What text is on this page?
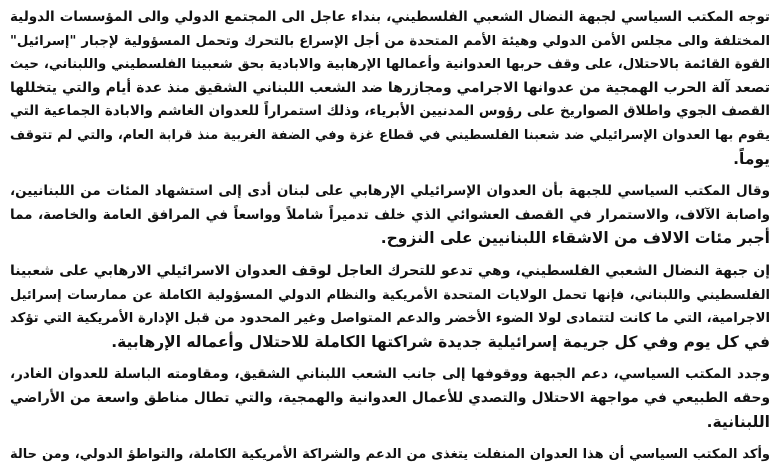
توجه المكتب السياسي لجبهة النضال الشعبي الفلسطيني، بنداء عاجل الى المجتمع الدولي والى المؤسسات الدولية
المختلفة والى مجلس الأمن الدولي وهيئة الأمم المتحدة من أجل الإسراع بالتحرك وتحمل المسؤولية لإجبار "إسرائيل"
القوة القائمة بالاحتلال، على وقف حربها العدوانية وأعمالها الإرهابية والابادية بحق شعبينا الفلسطيني واللبناني، حيث
تصعد آلة الحرب الهمجية من عدوانها الاجرامي ومجازرها ضد الشعب اللبناني الشقيق منذ عدة أيام والتي يتخللها
القصف الجوي واطلاق الصواريخ على رؤوس المدنيين الأبرياء، وذلك استمراراً للعدوان الغاشم والابادة الجماعية التي
يقوم بها العدوان الإسرائيلي ضد شعبنا الفلسطيني في قطاع غزة وفي الضفة الغربية منذ قرابة العام، والتي لم تتوقف
يوماً.
وقال المكتب السياسي للجبهة بأن العدوان الإسرائيلي الإرهابي على لبنان أدى إلى استشهاد المئات من اللبنانيين،
واصابة الآلاف، والاستمرار في القصف العشوائي الذي خلف تدميراً شاملاً وواسعاً في المرافق العامة والخاصة، مما
أجبر مئات الالاف من الاشقاء اللبنانيين على النزوح.
إن جبهة النضال الشعبي الفلسطيني، وهي تدعو للتحرك العاجل لوقف العدوان الاسرائيلي الارهابي على شعبينا
الفلسطيني واللبناني، فإنها تحمل الولايات المتحدة الأمريكية والنظام الدولي المسؤولية الكاملة عن ممارسات إسرائيل
الاجرامية، التي ما كانت لتتمادى لولا الضوء الأخضر والدعم المتواصل وغير المحدود من قبل الإدارة الأمريكية التي تؤكد
في كل يوم وفي كل جريمة إسرائيلية جديدة شراكتها الكاملة للاحتلال وأعماله الإرهابية.
وجدد المكتب السياسي، دعم الجبهة ووقوفها إلى جانب الشعب اللبناني الشقيق، ومقاومته الباسلة للعدوان الغادر،
وحقه الطبيعي في مواجهة الاحتلال والتصدي للأعمال العدوانية والهمجية، والتي تطال مناطق واسعة من الأراضي
اللبنانية.
وأكد المكتب السياسي أن هذا العدوان المنفلت يتغذى من الدعم والشراكة الأمريكية الكاملة، والتواطؤ الدولي، ومن حالة
